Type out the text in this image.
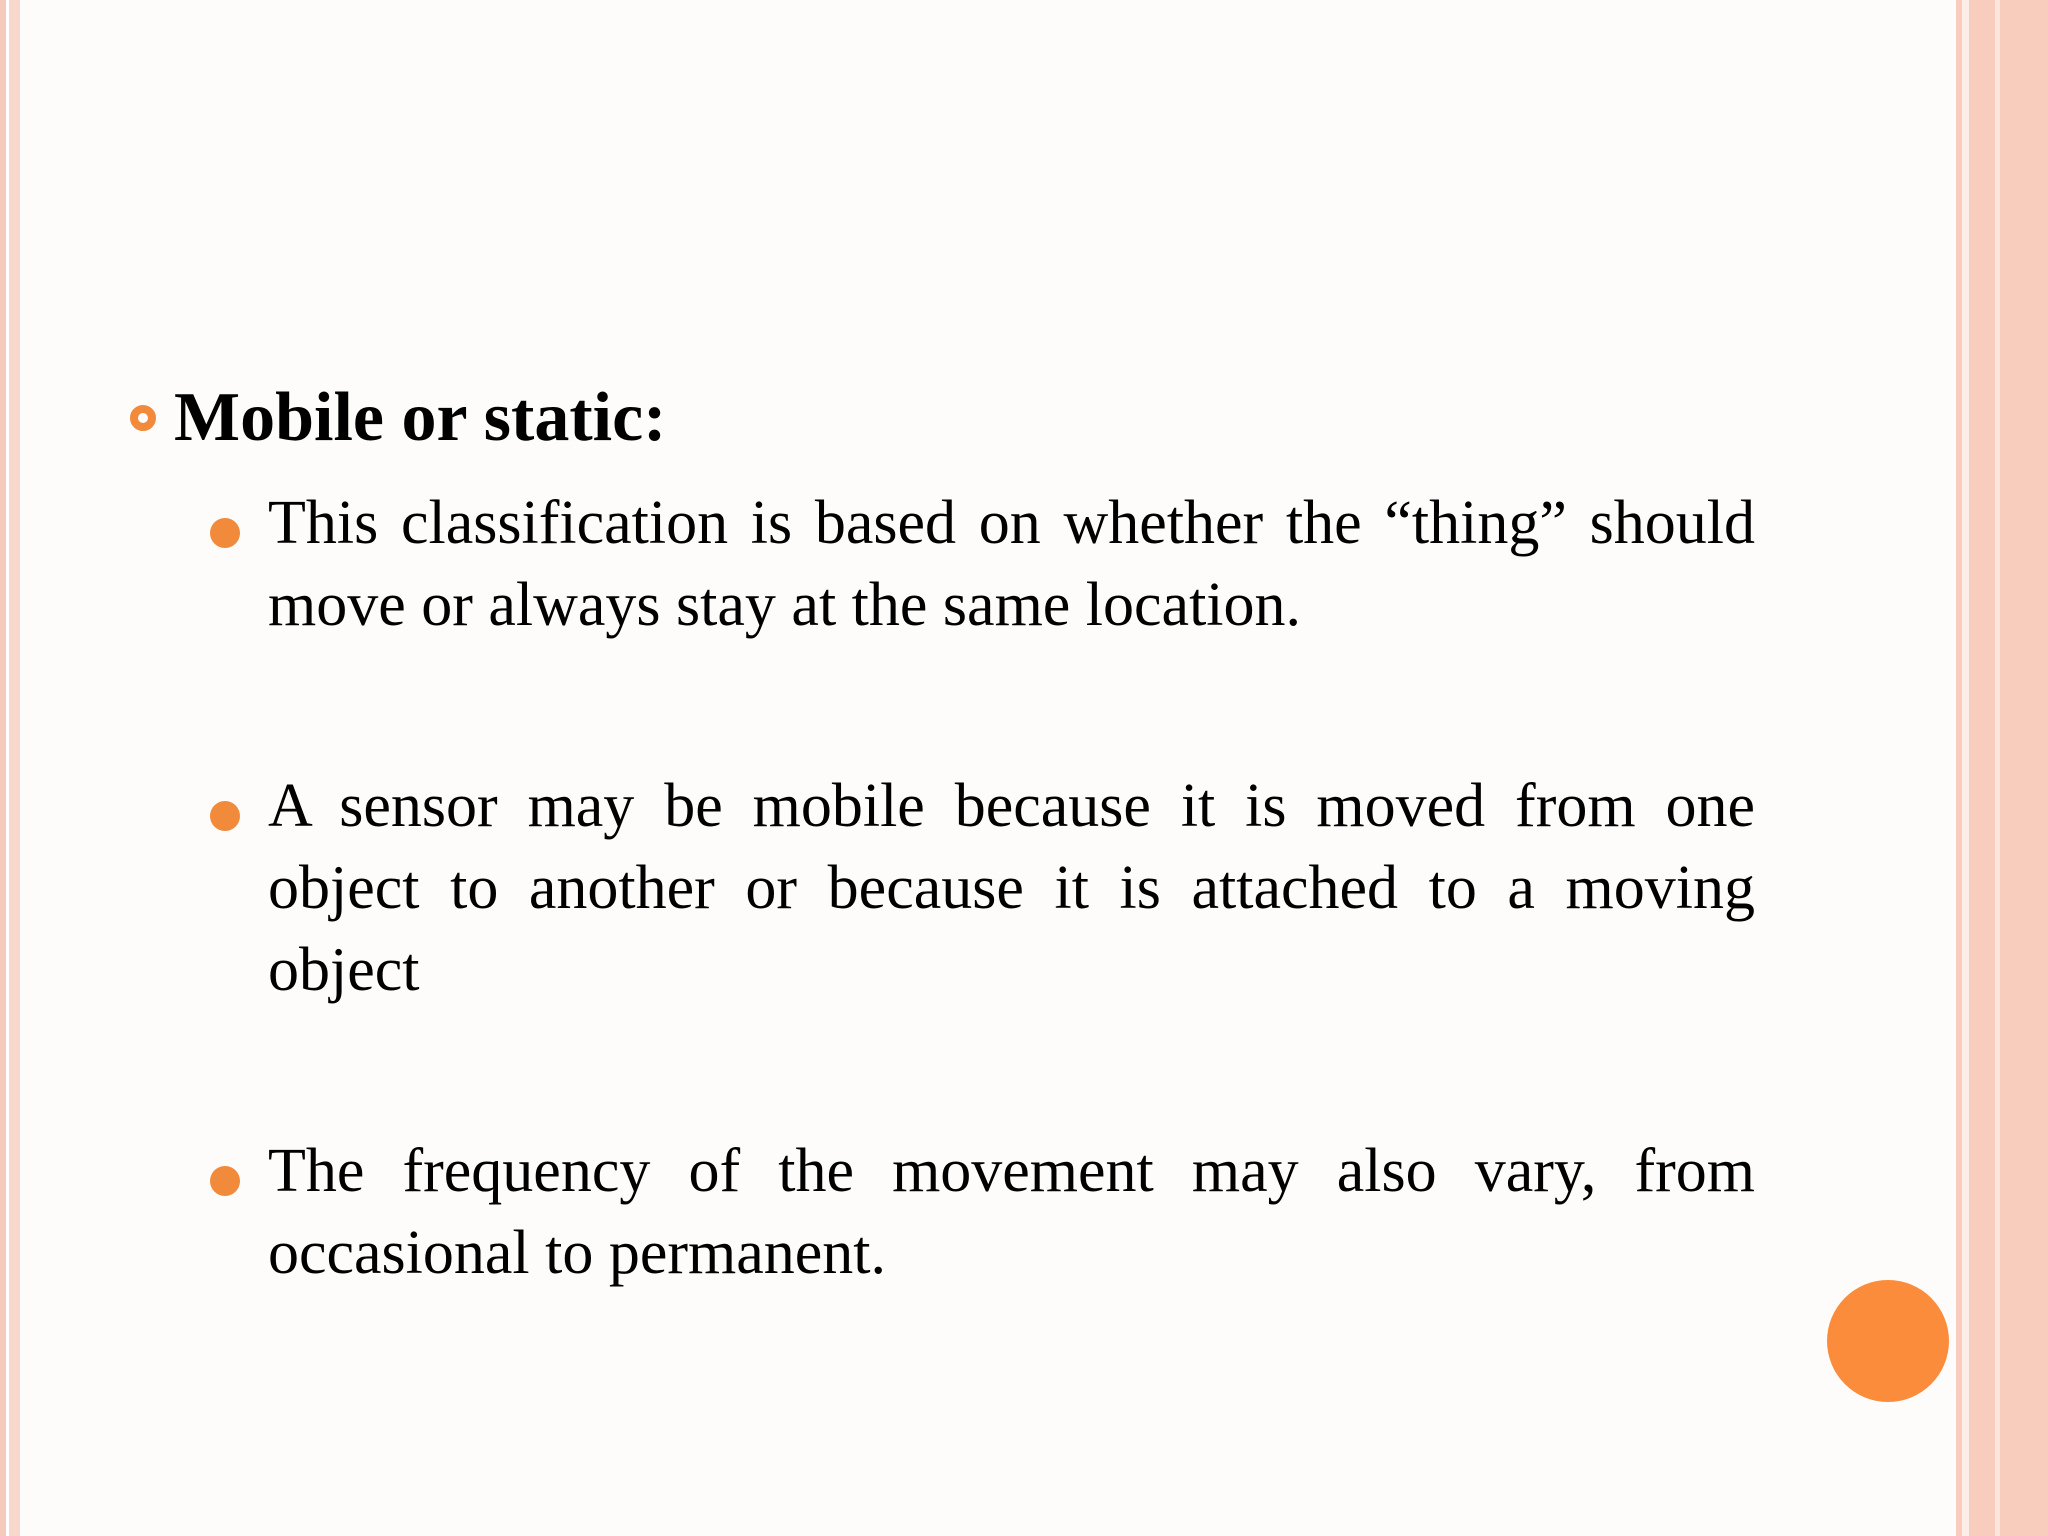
Mobile or static:
This classification is based on whether the “thing” should move or always stay at the same location.
A sensor may be mobile because it is moved from one object to another or because it is attached to a moving object
The frequency of the movement may also vary, from occasional to permanent.
